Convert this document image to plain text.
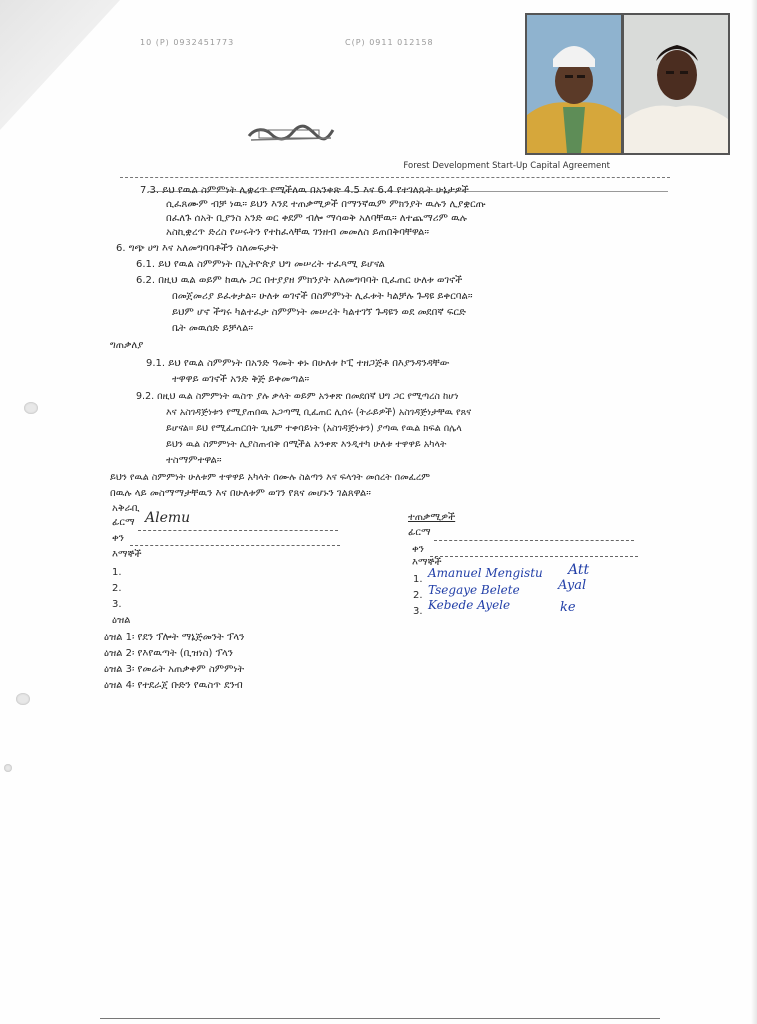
10 (P) 0932451773	C(P) 0911 012158
Forest Development Start-Up Capital Agreement
7.3. ይህ የዉል ስምምነት ሊቋረጥ የሚችለዉ በአንቀጽ 4.5 እና 6.4 የተገለጹት ሁኔታዎች
ሲፈጸሙም ብቻ ነዉ። ይህን እንደ ተጠቃሚዎች በማንኛዉም ምክንያት ዉሉን ሊያቋርጡ
በፈለጉ ሰአት ቢያንስ አንድ ወር ቀደም ብሎ ማሳወቅ አለባቸዉ። ለተጨማሪም ዉሉ
አስኪቋረጥ ድረስ የሠሩትን የተከፈላቸዉ ገንዘብ መመለስ ይጠበቅባቸዋል።
6. ግጭ ሀግ እና አለመግባባቶችን ስለመፍታት
6.1. ይህ የዉል ስምምነት በኢትዮጵያ ህግ መሠረት ተፈጻሚ ይሆናል
6.2. በዚህ ዉል ወይም ከዉሉ ጋር በተያያዘ ምክንያት አለመግባባት ቢፈጠር ሁለቱ ወገኖች
በመጀመሪያ ይፈቱታል። ሁለቱ ወገኖች በስምምነት ሊፈቱት ካልቻሉ ጉዳዩ ይቀርባል።
ይህም ሆኖ ችግሩ ካልተፈታ ስምምነት መሠረት ካልተገኘ ጉዳዩን ወደ መደበኛ ፍርድ
ቤት መዉሰድ ይቻላል።
ግጠቃለያ
9.1. ይህ የዉል ስምምነት በአንድ ዓመት ቀኑ በሁለቱ ኮፒ ተዘጋጅቶ በእያንዳንዳቸው
ተዋዋይ ወገኖች አንድ ቅጅ ይቀመጣል።
9.2. በዚህ ዉል ስምምነት ዉስጥ ያሉ ቃላት ወይም አንቀጽ በመደበኛ ህግ ጋር የሚጣረስ ከሆነ
እና አስገዳጅነቱን የሚያጠበዉ አጋጣሚ ቢፈጠር ሊሰሩ (ትራይዎች) አስገዳጅነታቸዉ የጸና
ይሆናል። ይህ የሚፈጠርበት ጊዜም ተቀባይነት (አስገዳጅነቱን) ያጣዉ የዉል ክፍል በሌላ
ይህን ዉል ስምምነት ሊያስጠብቅ በሚችል አንቀጽ እንዲተካ ሁለቱ ተዋዋይ አካላት
ተስማምተዋል።
ይህን የዉል ስምምነት ሁለቱም ተዋዋይ አካላት በሙሉ ስልጣን እና ፍላጎት መሰረት በመፈረም
በዉሉ ላይ መስማማታቸዉን እና በሁለቱም ወገን የጸና መሆኑን ገልጸዋል።
አቅራቢ
ፊርማ Alemu
ቀን
እማኞች
1.
2.
3.
ተጠቃሚዎች
ፊርማ
ቀን
እማኞች
1. Amanuel Mengistu Att
2. Tsegaye Belete	Ayal
3. Kebede Ayele	ke
ዕዝል
ዕዝል 1፡ የደን ፕሎት ማኔጅመንት ፕላን
ዕዝል 2፡ የእየዉጣት (ቢዝነስ) ፕላን
ዕዝል 3፡ የመሬት አጠቃቀም ስምምነት
ዕዝል 4፡ የተደራጀ ቡድን የዉስጥ ደንብ
